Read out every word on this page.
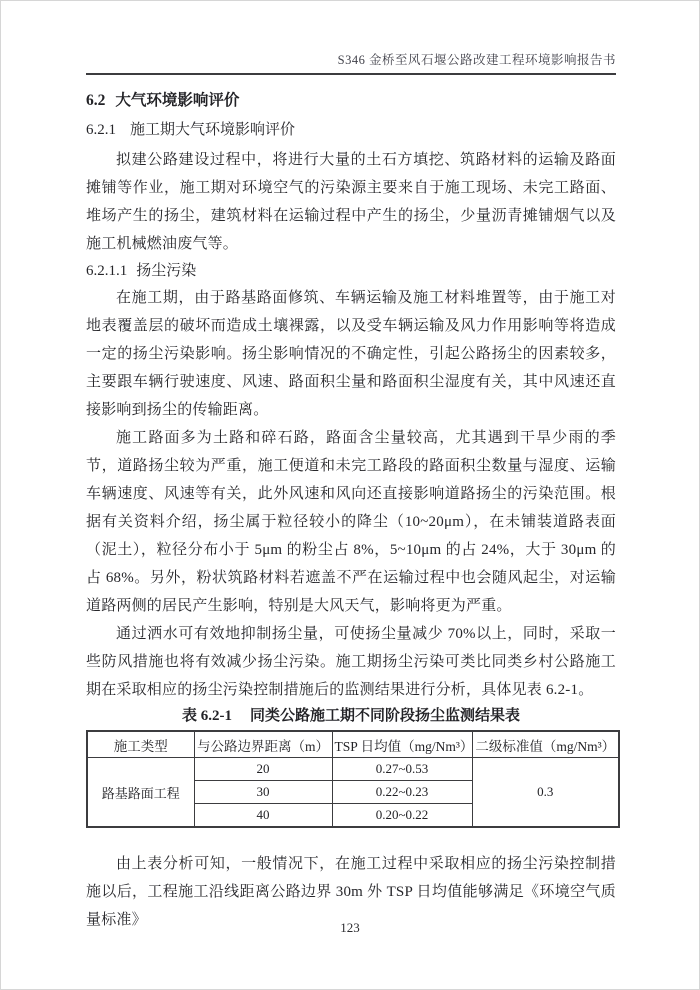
S346 金桥至风石堰公路改建工程环境影响报告书
6.2 大气环境影响评价
6.2.1 施工期大气环境影响评价

拟建公路建设过程中，将进行大量的土石方填挖、筑路材料的运输及路面摊铺等作业，施工期对环境空气的污染源主要来自于施工现场、未完工路面、堆场产生的扬尘，建筑材料在运输过程中产生的扬尘，少量沥青摊铺烟气以及施工机械燃油废气等。

6.2.1.1 扬尘污染

在施工期，由于路基路面修筑、车辆运输及施工材料堆置等，由于施工对地表覆盖层的破坏而造成土壤裸露，以及受车辆运输及风力作用影响等将造成一定的扬尘污染影响。扬尘影响情况的不确定性，引起公路扬尘的因素较多，主要跟车辆行驶速度、风速、路面积尘量和路面积尘湿度有关，其中风速还直接影响到扬尘的传输距离。

施工路面多为土路和碎石路，路面含尘量较高，尤其遇到干旱少雨的季节，道路扬尘较为严重，施工便道和未完工路段的路面积尘数量与湿度、运输车辆速度、风速等有关，此外风速和风向还直接影响道路扬尘的污染范围。根据有关资料介绍，扬尘属于粒径较小的降尘（10~20μm），在未铺装道路表面（泥土），粒径分布小于 5μm 的粉尘占 8%，5~10μm 的占 24%，大于 30μm 的占 68%。另外，粉状筑路材料若遮盖不严在运输过程中也会随风起尘，对运输道路两侧的居民产生影响，特别是大风天气，影响将更为严重。

通过洒水可有效地抑制扬尘量，可使扬尘量减少 70%以上，同时，采取一些防风措施也将有效减少扬尘污染。施工期扬尘污染可类比同类乡村公路施工期在采取相应的扬尘污染控制措施后的监测结果进行分析，具体见表 6.2-1。

表 6.2-1 同类公路施工期不同阶段扬尘监测结果表
施工类型	与公路边界距离（m）	TSP 日均值（mg/Nm³）	二级标准值（mg/Nm³）
路基路面工程	20	0.27~0.53	0.3
	30	0.22~0.23	
	40	0.20~0.22	

由上表分析可知，一般情况下，在施工过程中采取相应的扬尘污染控制措施以后，工程施工沿线距离公路边界 30m 外 TSP 日均值能够满足《环境空气质量标准》	123
